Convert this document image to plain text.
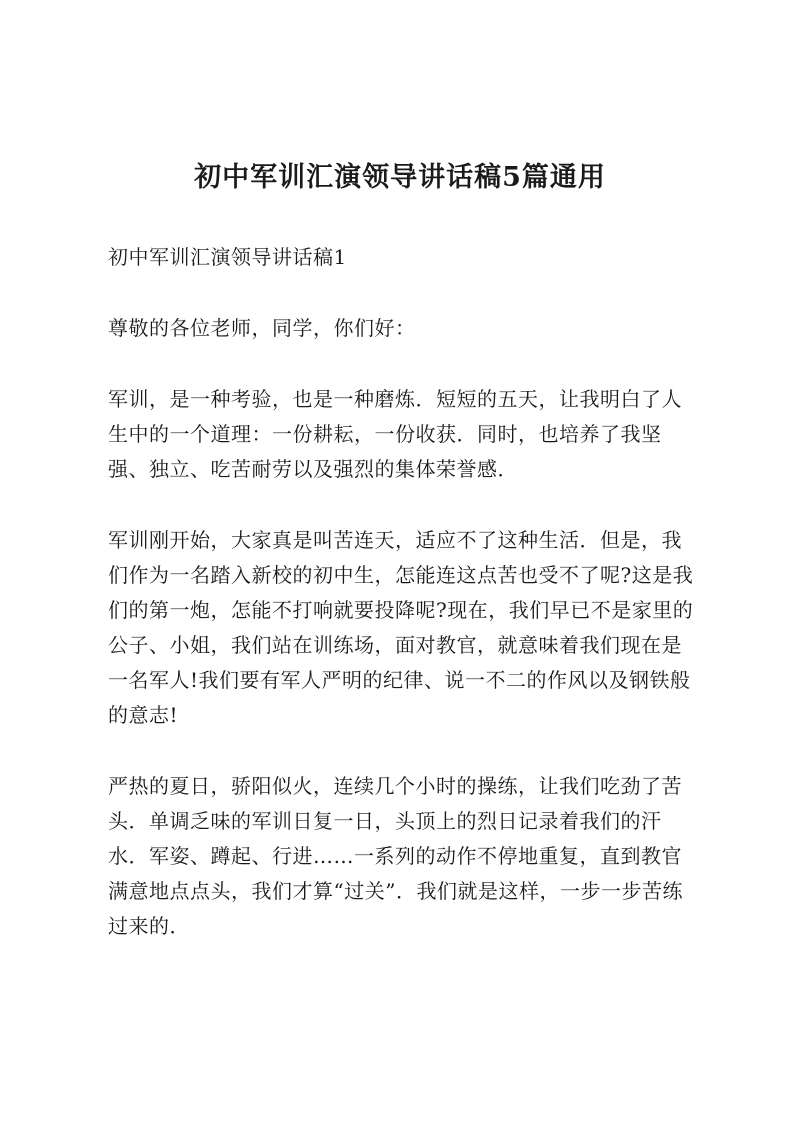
初中军训汇演领导讲话稿5篇通用

初中军训汇演领导讲话稿1

尊敬的各位老师，同学，你们好：

军训，是一种考验，也是一种磨炼．短短的五天，让我明白了人生中的一个道理：一份耕耘，一份收获．同时，也培养了我坚强、独立、吃苦耐劳以及强烈的集体荣誉感．

军训刚开始，大家真是叫苦连天，适应不了这种生活．但是，我们作为一名踏入新校的初中生，怎能连这点苦也受不了呢?这是我们的第一炮，怎能不打响就要投降呢?现在，我们早已不是家里的公子、小姐，我们站在训练场，面对教官，就意味着我们现在是一名军人!我们要有军人严明的纪律、说一不二的作风以及钢铁般的意志!

严热的夏日，骄阳似火，连续几个小时的操练，让我们吃劲了苦头．单调乏味的军训日复一日，头顶上的烈日记录着我们的汗水．军姿、蹲起、行进……一系列的动作不停地重复，直到教官满意地点点头，我们才算“过关”．我们就是这样，一步一步苦练过来的．
